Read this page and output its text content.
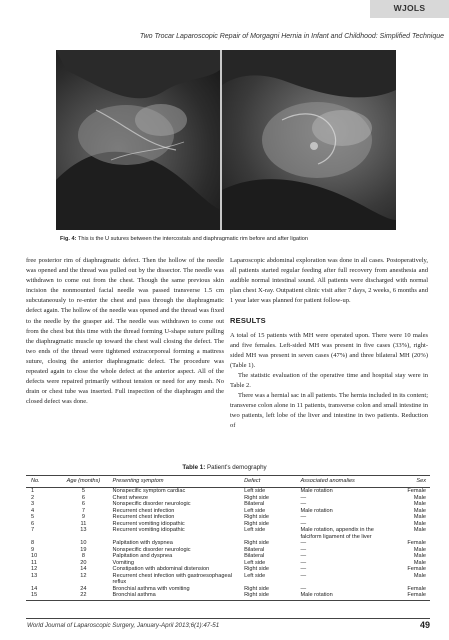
WJOLS
Two Trocar Laparoscopic Repair of Morgagni Hernia in Infant and Childhood: Simplified Technique
Fig. 4: This is the U sutures between the intercostals and diaphragmatic rim before and after ligation

free posterior rim of diaphragmatic defect. Then the hollow of the needle was opened and the thread was pulled out by the dissector. The needle was withdrawn to come out from the chest. Though the same previous skin incision the nonmounted facial needle was passed transverse 1.5 cm subcutaneously to re-enter the chest and pass through the diaphragmatic defect again. The hollow of the needle was opened and the thread was fixed to the needle by the grasper aid. The needle was withdrawn to come out from the chest but this time with the thread forming U-shape suture pulling the diaphragmatic muscle up toward the chest wall closing the defect. The two ends of the thread were tightened extracorporeal forming a mattress suture, closing the anterior diaphragmatic defect. The procedure was repeated again to close the whole defect at the anterior aspect. All of the defects were repaired primarily without tension or need for any mesh. No drain or chest tube was inserted. Full inspection of the diaphragm and the closed defect was done.

Laparoscopic abdominal exploration was done in all cases. Postoperatively, all patients started regular feeding after full recovery from anesthesia and audible normal intestinal sound. All patients were discharged with normal plan chest X-ray. Outpatient clinic visit after 7 days, 2 weeks, 6 months and 1 year later was planned for patient follow-up.

RESULTS

A total of 15 patients with MH were operated upon. There were 10 males and five females. Left-sided MH was present in five cases (33%), right-sided MH was present in seven cases (47%) and three bilateral MH (20%) (Table 1).

The statistic evaluation of the operative time and hospital stay were in Table 2.

There was a hernial sac in all patients. The hernia included in its content; transverse colon alone in 11 patients, transverse colon and small intestine in two patients, left lobe of the liver and intestine in two patients. Reduction of

Table 1: Patient's demography
No.	Age (months)	Presenting symptom	Defect	Associated anomalies	Sex
1	5	Nonspecific symptom cardiac	Left side	Male rotation	Female
2	6	Chest wheeze	Right side	—	Male
3	6	Nonspecific disorder neurologic	Bilateral	—	Male
4	7	Recurrent chest infection	Left side	Male rotation	Male
5	9	Recurrent chest infection	Right side	—	Male
6	11	Recurrent vomiting idiopathic	Right side	—	Male
7	13	Recurrent vomiting idiopathic	Left side	Male rotation, appendix in the falciform ligament of the liver	Male
8	10	Palpitation with dyspnea	Right side	—	Female
9	19	Nonspecific disorder neurologic	Bilateral	—	Male
10	8	Palpitation and dyspnea	Bilateral	—	Male
11	20	Vomiting	Left side	—	Male
12	14	Constipation with abdominal distension	Right side	—	Female
13	12	Recurrent chest infection with gastroesophageal reflux	Left side	—	Male
14	24	Bronchial asthma with vomiting	Right side	—	Female
15	22	Bronchial asthma	Right side	Male rotation	Female
World Journal of Laparoscopic Surgery, January-April 2013;6(1):47-51	49
